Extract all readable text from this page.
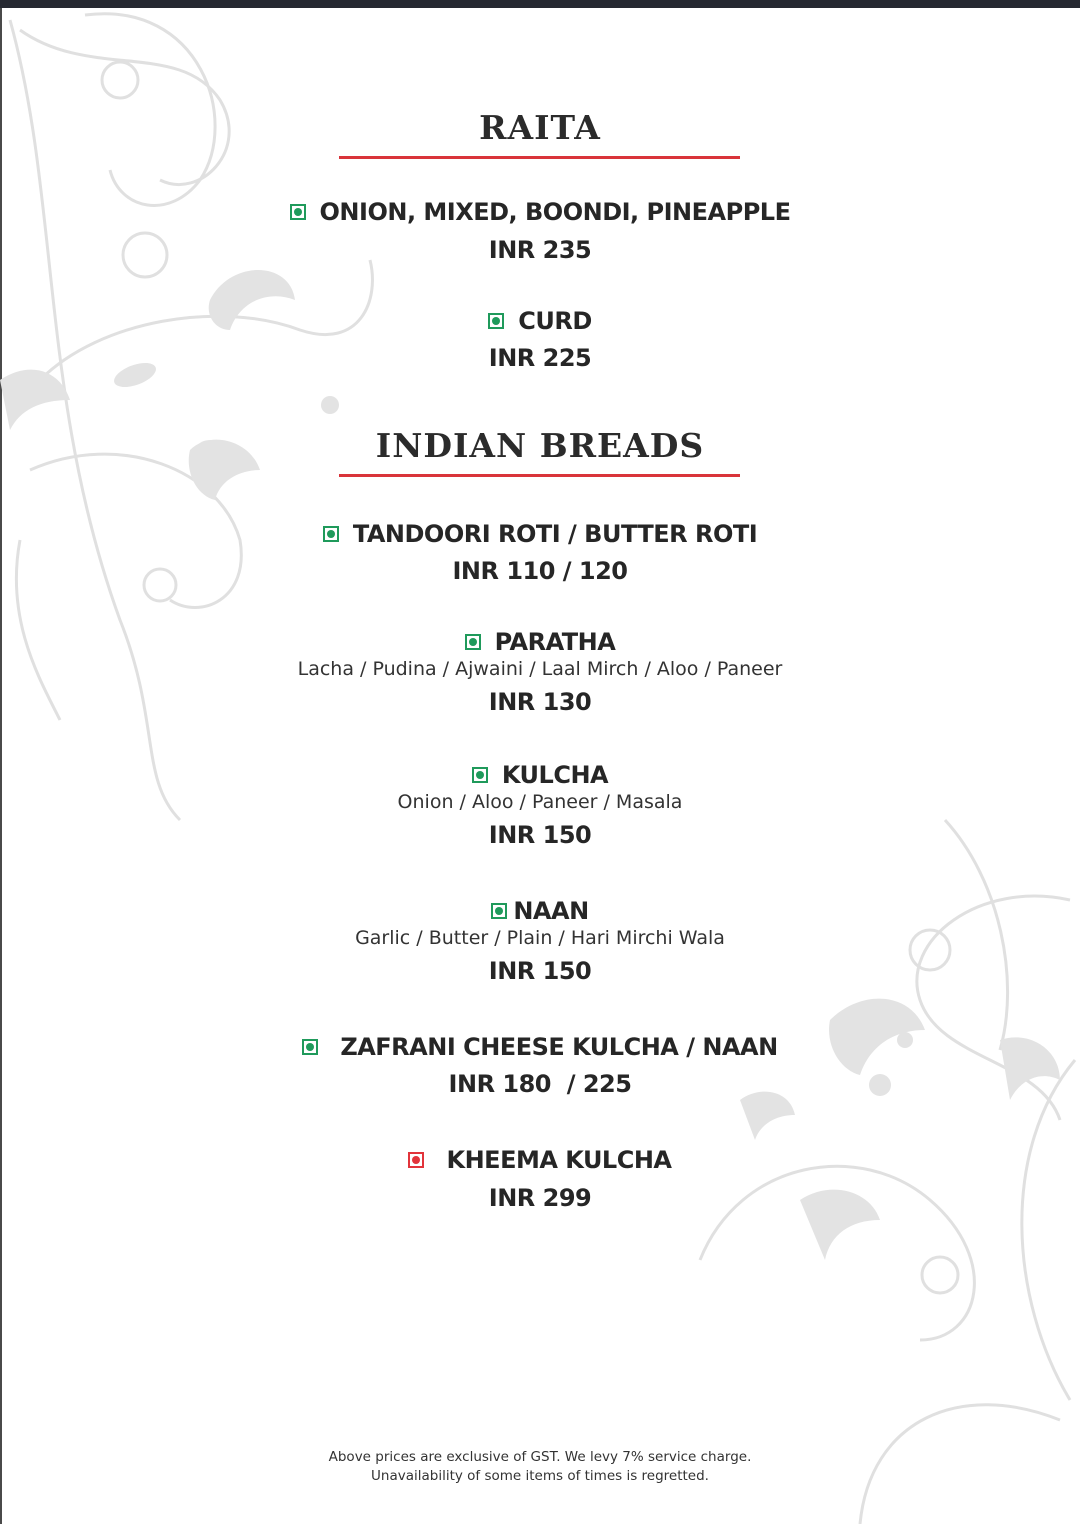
RAITA
ONION, MIXED, BOONDI, PINEAPPLE
INR 235
CURD
INR 225
INDIAN BREADS
TANDOORI ROTI / BUTTER ROTI
INR 110 / 120
PARATHA
Lacha / Pudina / Ajwaini / Laal Mirch / Aloo / Paneer
INR 130
KULCHA
Onion / Aloo / Paneer / Masala
INR 150
NAAN
Garlic / Butter / Plain / Hari Mirchi Wala
INR 150
ZAFRANI CHEESE KULCHA / NAAN
INR 180  / 225
KHEEMA KULCHA
INR 299
Above prices are exclusive of GST. We levy 7% service charge.
Unavailability of some items of times is regretted.
